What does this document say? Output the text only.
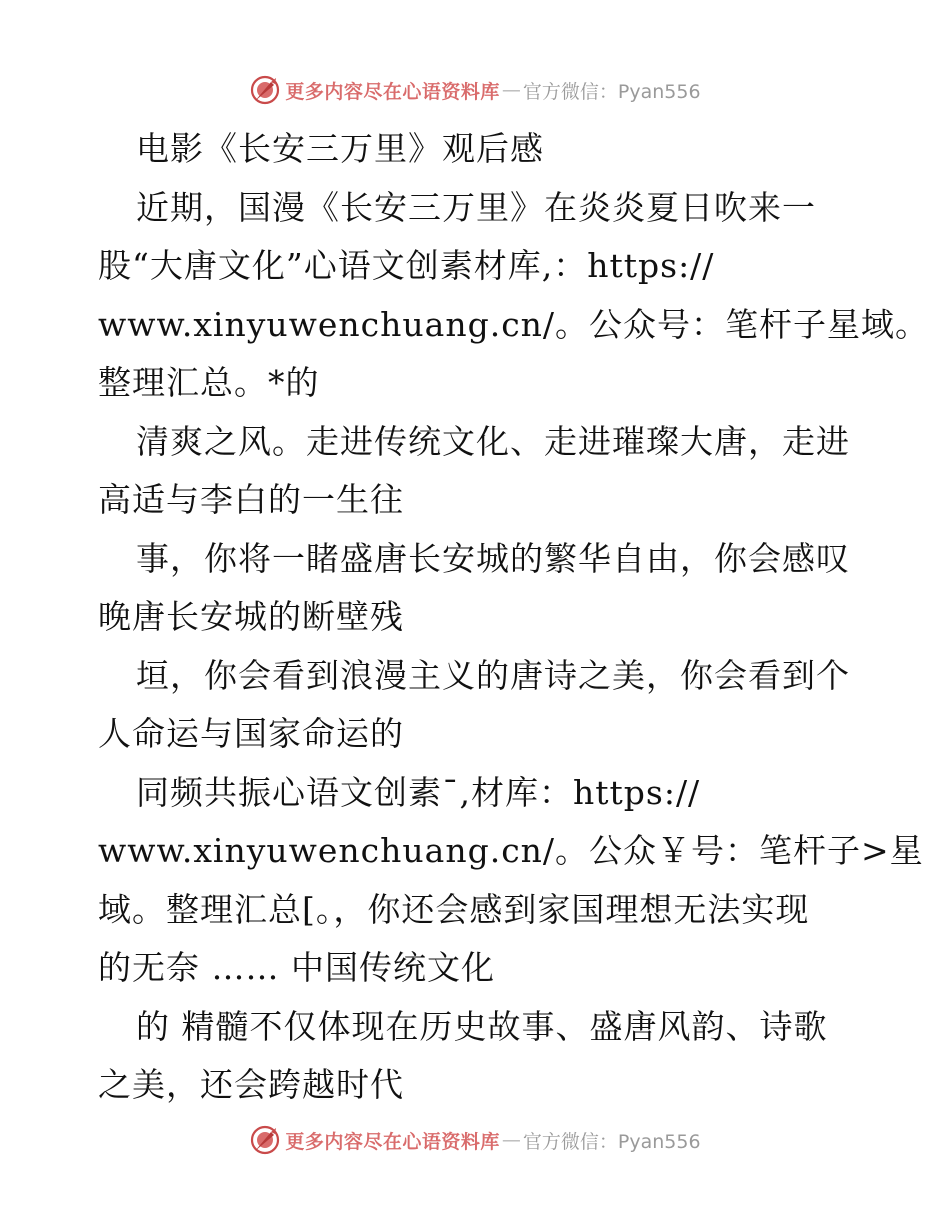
更多内容尽在心语资料库 — 官方微信：Pyan556
电影《长安三万里》观后感
近期，国漫《长安三万里》在炎炎夏日吹来一
股“大唐文化”心语文创素材库,：https://
www.xinyuwenchuang.cn/。公众号：笔杆子星域。
整理汇总。*的
清爽之风。走进传统文化、走进璀璨大唐，走进
高适与李白的一生往
事，你将一睹盛唐长安城的繁华自由，你会感叹
晚唐长安城的断壁残
垣，你会看到浪漫主义的唐诗之美，你会看到个
人命运与国家命运的
同频共振心语文创素¯,材库：https://
www.xinyuwenchuang.cn/。公众￥号：笔杆子>星
域。整理汇总[。，你还会感到家国理想无法实现
的无奈 …… 中国传统文化
的 精髓不仅体现在历史故事、盛唐风韵、诗歌
之美，还会跨越时代
更多内容尽在心语资料库 — 官方微信：Pyan556
